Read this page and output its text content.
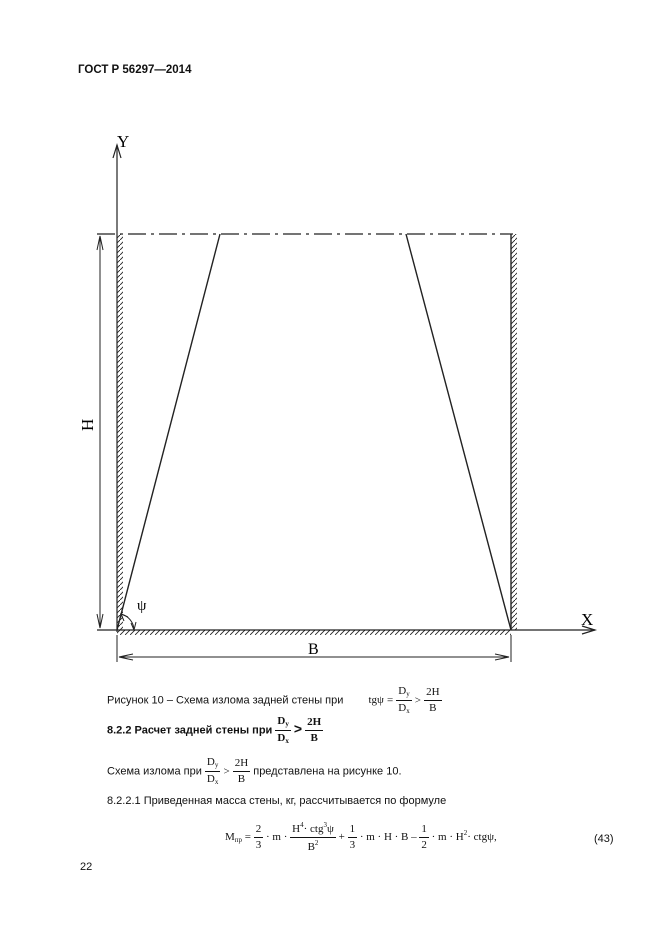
ГОСТ Р 56297—2014
Y
X
H
B
ψ
Рисунок 10 – Схема излома задней стены при $tg\psi = \frac{D_y}{D_x} > \frac{2H}{B}$
8.2.2 Расчет задней стены при $\frac{D_y}{D_x} > \frac{2H}{B}$
Схема излома при $\frac{D_y}{D_x} > \frac{2H}{B}$ представлена на рисунке 10.
8.2.2.1 Приведенная масса стены, кг, рассчитывается по формуле
$M_{пр} = \frac{2}{3} \cdot m \cdot \frac{H^4\cdot ctg^3\psi}{B^2} + \frac{1}{3} \cdot m \cdot H \cdot B - \frac{1}{2} \cdot m \cdot H^2\cdot ctg\psi$,	(43)
22
